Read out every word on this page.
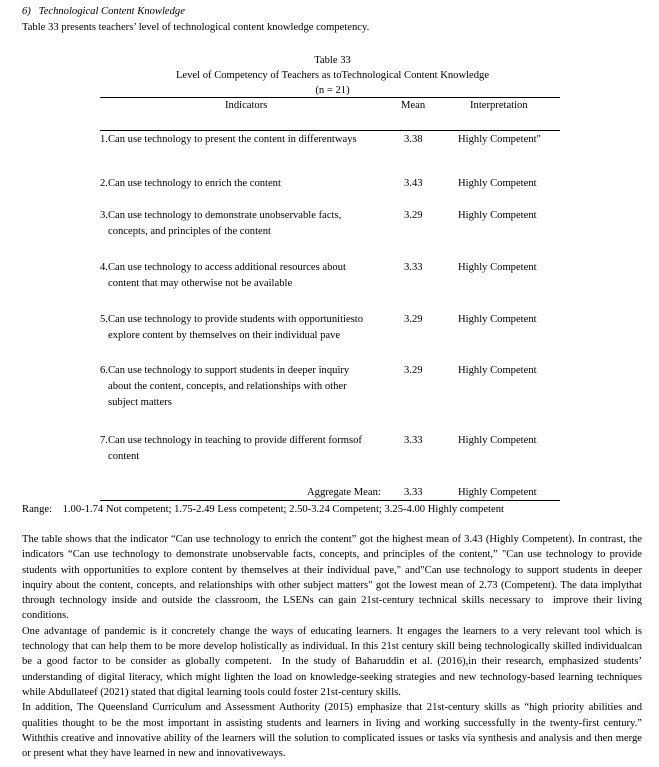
6)   Technological Content Knowledge
Table 33 presents teachers’ level of technological content knowledge competency.
Table 33
Level of Competency of Teachers as toTechnological Content Knowledge
(n = 21)
Indicators	Mean	Interpretation
1.Can use technology to present the content in differentways	3.38	Highly Competent"
2.Can use technology to enrich the content	3.43	Highly Competent
3.Can use technology to demonstrate unobservable facts,
concepts, and principles of the content
3.29	Highly Competent
4.Can use technology to access additional resources about
content that may otherwise not be available
3.33	Highly Competent
5.Can use technology to provide students with opportunitiesto
explore content by themselves on their individual pave
3.29	Highly Competent
6.Can use technology to support students in deeper inquiry
about the content, concepts, and relationships with other
subject matters
3.29	Highly Competent
7.Can use technology in teaching to provide different formsof
content
3.33	Highly Competent
Aggregate Mean: 3.33	Highly Competent
Range:    1.00-1.74 Not competent; 1.75-2.49 Less competent; 2.50-3.24 Competent; 3.25-4.00 Highly competent
The table shows that the indicator “Can use technology to enrich the content” got the highest mean of 3.43 (Highly Competent). In contrast, the indicators “Can use technology to demonstrate unobservable facts, concepts, and principles of the content,” "Can use technology to provide students with opportunities to explore content by themselves at their individual pave," and"Can use technology to support students in deeper inquiry about the content, concepts, and relationships with other subject matters" got the lowest mean of 2.73 (Competent). The data implythat through technology inside and outside the classroom, the LSENs can gain 21st-century technical skills necessary to  improve their living conditions.
One advantage of pandemic is it concretely change the ways of educating learners. It engages the learners to a very relevant tool which is technology that can help them to be more develop holistically as individual. In this 21st century skill being technologically skilled individualcan be a good factor to be consider as globally competent.  In the study of Baharuddin et al. (2016),in their research, emphasized students’ understanding of digital literacy, which might lighten the load on knowledge-seeking strategies and new technology-based learning techniques while Abdullateef (2021) stated that digital learning tools could foster 21st-century skills.
In addition, The Queensland Curriculum and Assessment Authority (2015) emphasize that 21st-century skills as “high priority abilities and qualities thought to be the most important in assisting students and learners in living and working successfully in the twenty-first century.” Withthis creative and innovative ability of the learners will the solution to complicated issues or tasks via synthesis and analysis and then merge or present what they have learned in new and innovativeways.
